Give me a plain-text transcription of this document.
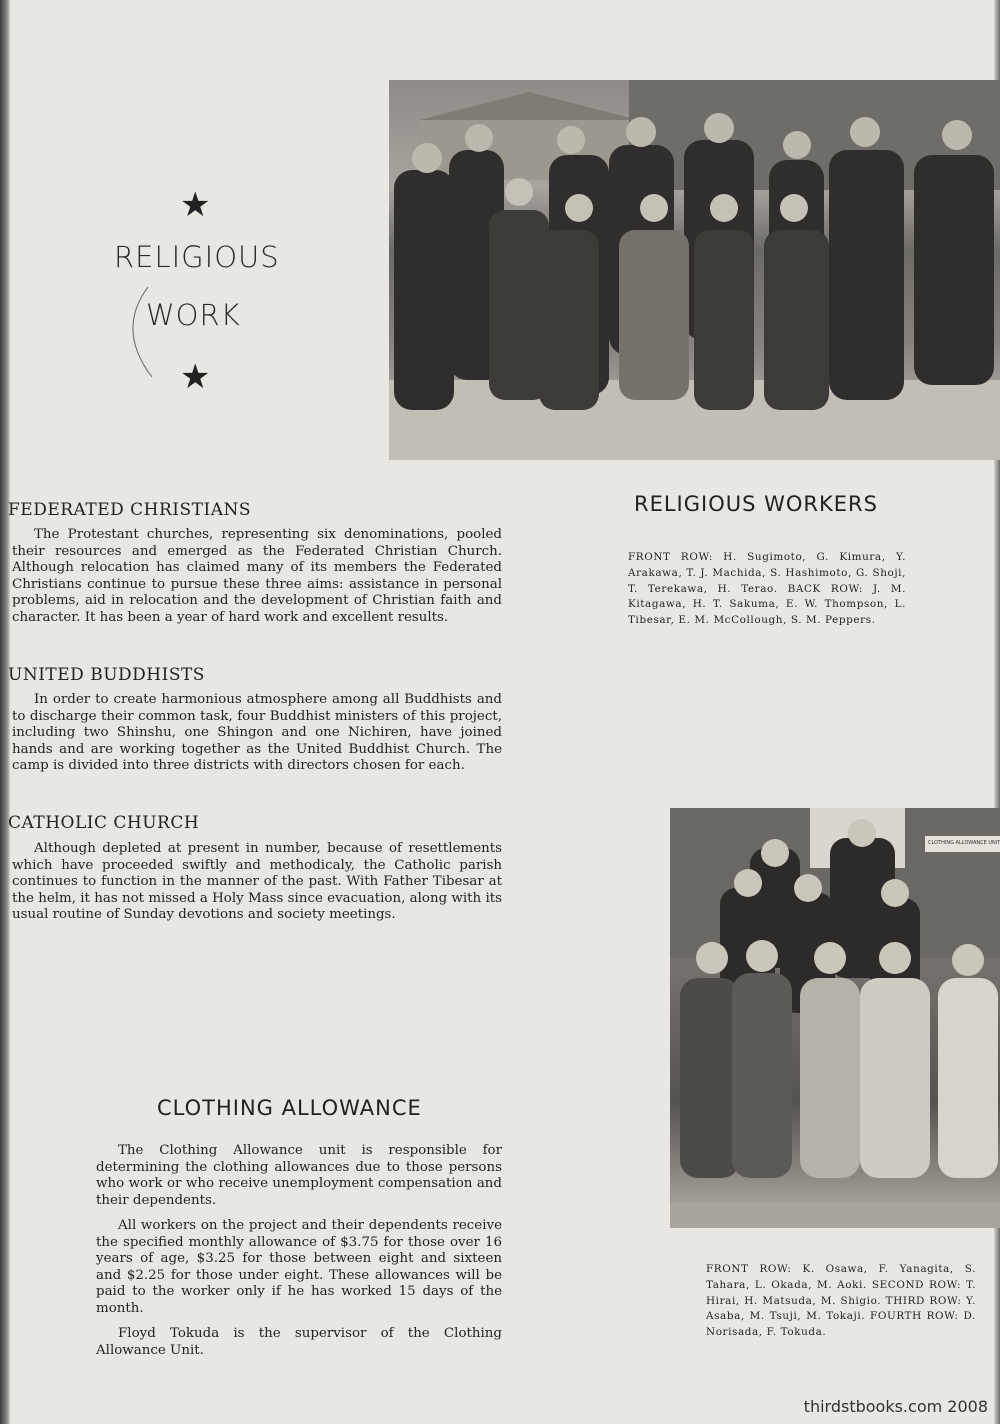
★
RELIGIOUS
WORK
★
FEDERATED CHRISTIANS

The Protestant churches, representing six denominations, pooled their resources and emerged as the Federated Christian Church. Although relocation has claimed many of its members the Federated Christians continue to pursue these three aims: assistance in personal problems, aid in relocation and the development of Christian faith and character. It has been a year of hard work and excellent results.

UNITED BUDDHISTS

In order to create harmonious atmosphere among all Buddhists and to discharge their common task, four Buddhist ministers of this project, including two Shinshu, one Shingon and one Nichiren, have joined hands and are working together as the United Buddhist Church. The camp is divided into three districts with directors chosen for each.

CATHOLIC CHURCH

Although depleted at present in number, because of resettlements which have proceeded swiftly and methodicaly, the Catholic parish continues to function in the manner of the past. With Father Tibesar at the helm, it has not missed a Holy Mass since evacuation, along with its usual routine of Sunday devotions and society meetings.

RELIGIOUS WORKERS
FRONT ROW: H. Sugimoto, G. Kimura, Y. Arakawa, T. J. Machida, S. Hashimoto, G. Shoji, T. Terekawa, H. Terao. BACK ROW: J. M. Kitagawa, H. T. Sakuma, E. W. Thompson, L. Tibesar, E. M. McCollough, S. M. Peppers.
CLOTHING ALLOWANCE UNIT
CLOTHING ALLOWANCE

The Clothing Allowance unit is responsible for determining the clothing allowances due to those persons who work or who receive unemployment compensation and their dependents.

All workers on the project and their dependents receive the specified monthly allowance of $3.75 for those over 16 years of age, $3.25 for those between eight and sixteen and $2.25 for those under eight. These allowances will be paid to the worker only if he has worked 15 days of the month.

Floyd Tokuda is the supervisor of the Clothing Allowance Unit.

FRONT ROW: K. Osawa, F. Yanagita, S. Tahara, L. Okada, M. Aoki. SECOND ROW: T. Hirai, H. Matsuda, M. Shigio. THIRD ROW: Y. Asaba, M. Tsuji, M. Tokaji. FOURTH ROW: D. Norisada, F. Tokuda.
thirdstbooks.com 2008
